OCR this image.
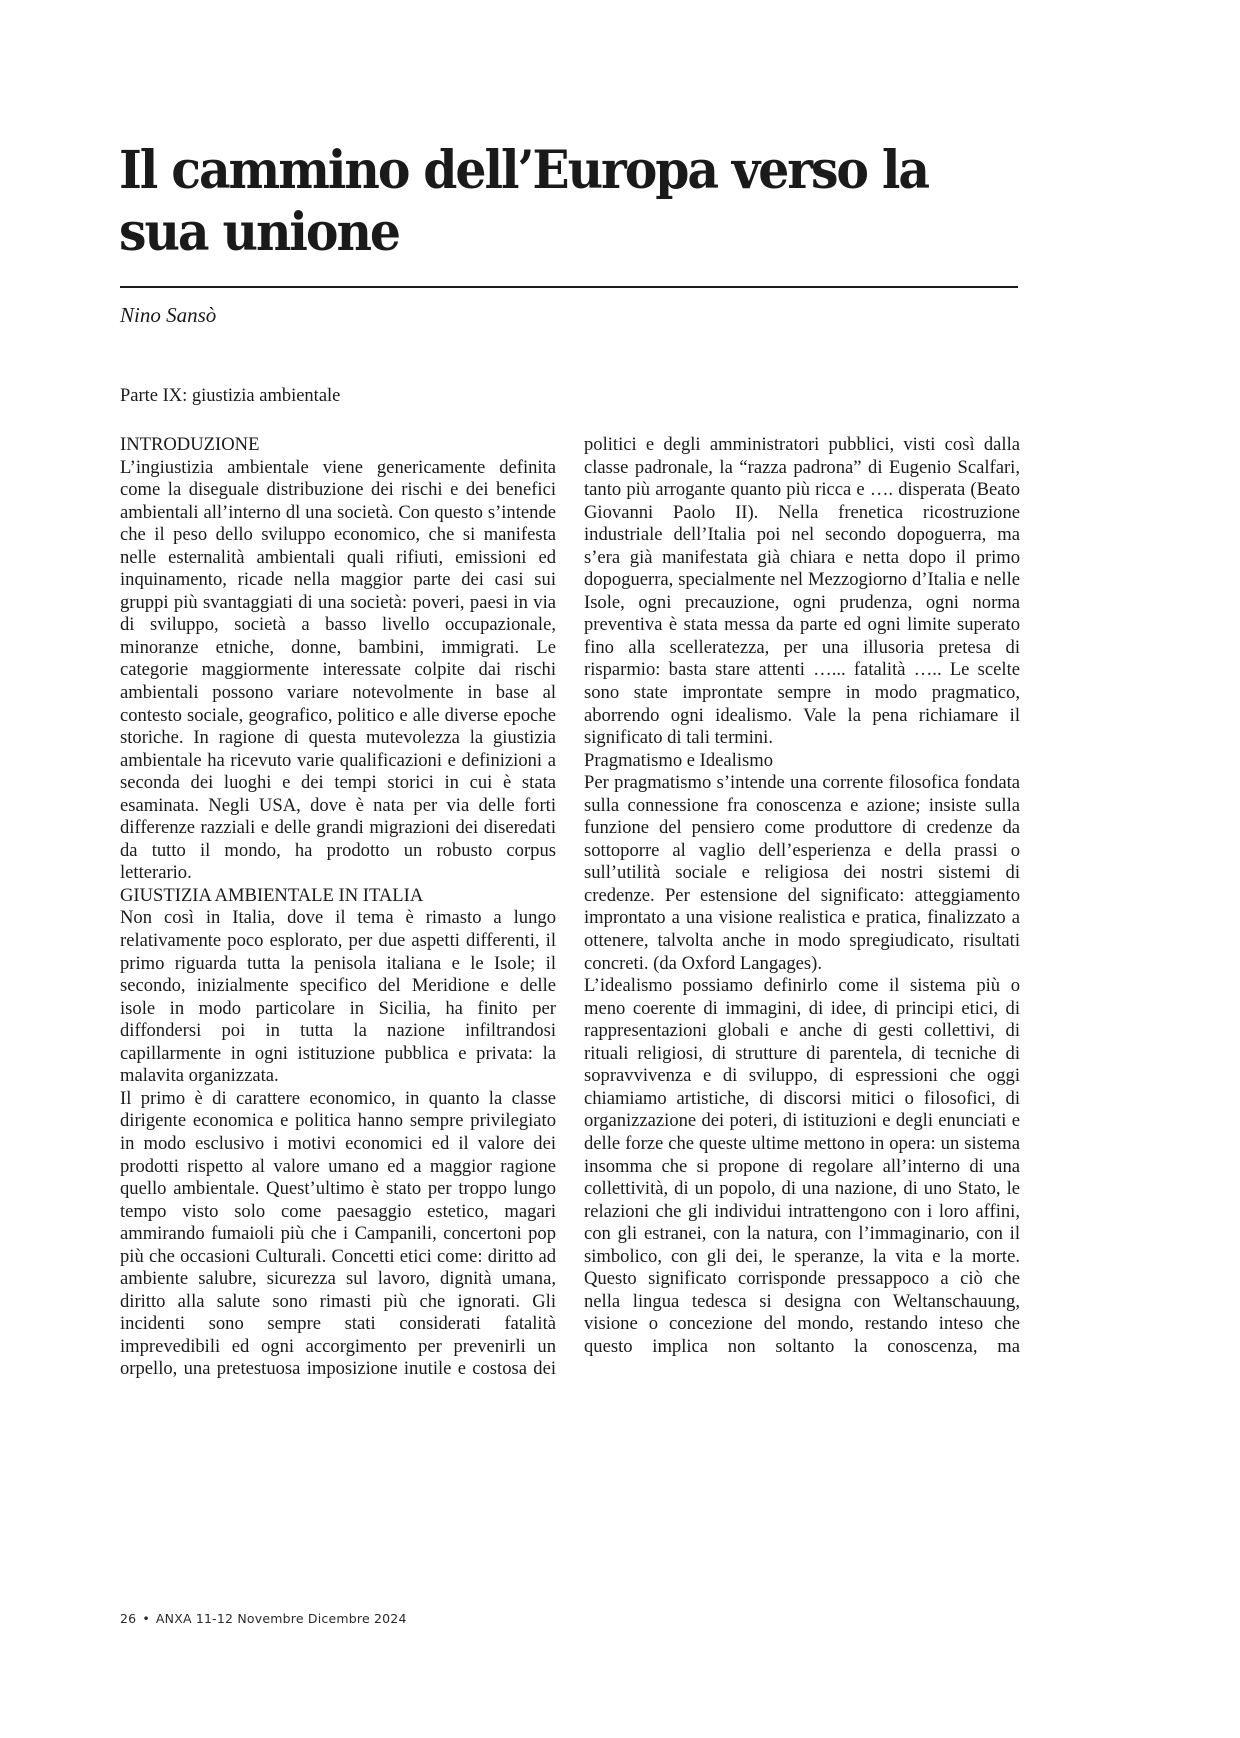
Il cammino dell’Europa verso la sua unione
Nino Sansò
Parte IX: giustizia ambientale
INTRODUZIONE

L’ingiustizia ambientale viene genericamente definita come la diseguale distribuzione dei rischi e dei benefici ambientali all’interno dl una società. Con questo s’intende che il peso dello sviluppo economico, che si manifesta nelle esternalità ambientali quali rifiuti, emissioni ed inquinamento, ricade nella maggior parte dei casi sui gruppi più svantaggiati di una società: poveri, paesi in via di sviluppo, società a basso livello occupazionale, minoranze etniche, donne, bambini, immigrati. Le categorie maggiormente interessate colpite dai rischi ambientali possono variare notevolmente in base al contesto sociale, geografico, politico e alle diverse epoche storiche. In ragione di questa mutevolezza la giustizia ambientale ha ricevuto varie qualificazioni e definizioni a seconda dei luoghi e dei tempi storici in cui è stata esaminata. Negli USA, dove è nata per via delle forti differenze razziali e delle grandi migrazioni dei diseredati da tutto il mondo, ha prodotto un robusto corpus letterario.

GIUSTIZIA AMBIENTALE IN ITALIA

Non così in Italia, dove il tema è rimasto a lungo relativamente poco esplorato, per due aspetti differenti, il primo riguarda tutta la penisola italiana e le Isole; il secondo, inizialmente specifico del Meridione e delle isole in modo particolare in Sicilia, ha finito per diffondersi poi in tutta la nazione infiltrandosi capillarmente in ogni istituzione pubblica e privata: la malavita organizzata.

Il primo è di carattere economico, in quanto la classe dirigente economica e politica hanno sempre privilegiato in modo esclusivo i motivi economici ed il valore dei prodotti rispetto al valore umano ed a maggior ragione quello ambientale. Quest’ultimo è stato per troppo lungo tempo visto solo come paesaggio estetico, magari ammirando fumaioli più che i Campanili, concertoni pop più che occasioni Culturali. Concetti etici come: diritto ad ambiente salubre, sicurezza sul lavoro, dignità umana, diritto alla salute sono rimasti più che ignorati. Gli incidenti sono sempre stati considerati fatalità imprevedibili ed ogni accorgimento per prevenirli un orpello, una pretestuosa imposizione inutile e costosa dei

politici e degli amministratori pubblici, visti così dalla classe padronale, la “razza padrona” di Eugenio Scalfari, tanto più arrogante quanto più ricca e …. disperata (Beato Giovanni Paolo II). Nella frenetica ricostruzione industriale dell’Italia poi nel secondo dopoguerra, ma s’era già manifestata già chiara e netta dopo il primo dopoguerra, specialmente nel Mezzogiorno d’Italia e nelle Isole, ogni precauzione, ogni prudenza, ogni norma preventiva è stata messa da parte ed ogni limite superato fino alla scelleratezza, per una illusoria pretesa di risparmio: basta stare attenti …... fatalità ….. Le scelte sono state improntate sempre in modo pragmatico, aborrendo ogni idealismo. Vale la pena richiamare il significato di tali termini.

Pragmatismo e Idealismo

Per pragmatismo s’intende una corrente filosofica fondata sulla connessione fra conoscenza e azione; insiste sulla funzione del pensiero come produttore di credenze da sottoporre al vaglio dell’esperienza e della prassi o sull’utilità sociale e religiosa dei nostri sistemi di credenze. Per estensione del significato: atteggiamento improntato a una visione realistica e pratica, finalizzato a ottenere, talvolta anche in modo spregiudicato, risultati concreti. (da Oxford Langages).

L’idealismo possiamo definirlo come il sistema più o meno coerente di immagini, di idee, di principi etici, di rappresentazioni globali e anche di gesti collettivi, di rituali religiosi, di strutture di parentela, di tecniche di sopravvivenza e di sviluppo, di espressioni che oggi chiamiamo artistiche, di discorsi mitici o filosofici, di organizzazione dei poteri, di istituzioni e degli enunciati e delle forze che queste ultime mettono in opera: un sistema insomma che si propone di regolare all’interno di una collettività, di un popolo, di una nazione, di uno Stato, le relazioni che gli individui intrattengono con i loro affini, con gli estranei, con la natura, con l’immaginario, con il simbolico, con gli dei, le speranze, la vita e la morte. Questo significato corrisponde pressappoco a ciò che nella lingua tedesca si designa con Weltanschauung, visione o concezione del mondo, restando inteso che questo implica non soltanto la conoscenza, ma

26 • ANXA 11-12 Novembre Dicembre 2024
